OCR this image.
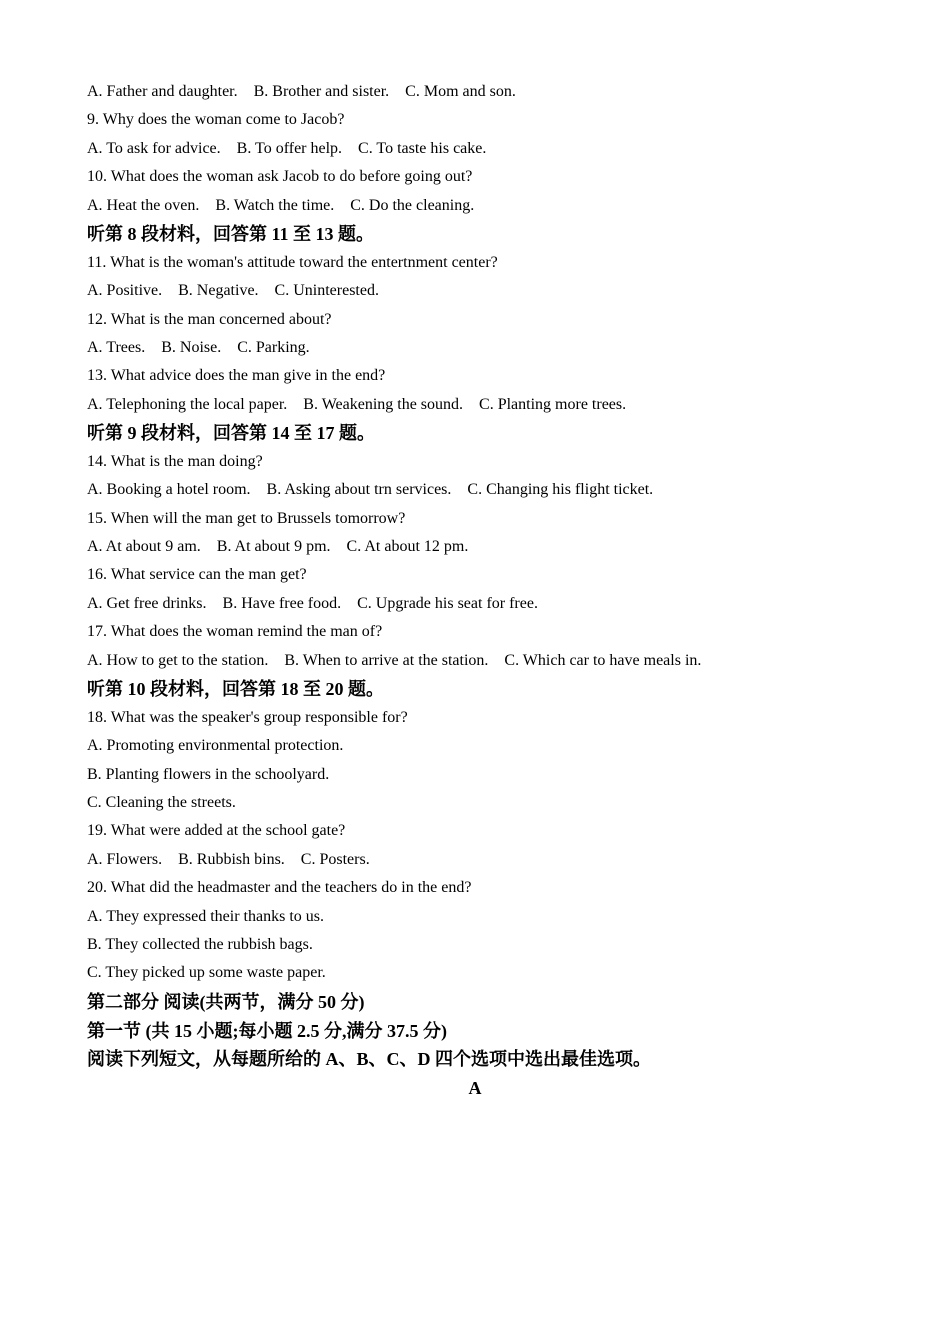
A. Father and daughter.    B. Brother and sister.    C. Mom and son.

9. Why does the woman come to Jacob?

A. To ask for advice.    B. To offer help.    C. To taste his cake.

10. What does the woman ask Jacob to do before going out?

A. Heat the oven.    B. Watch the time.    C. Do the cleaning.

听第 8 段材料，回答第 11 至 13 题。

11. What is the woman's attitude toward the entertnment center?

A. Positive.    B. Negative.    C. Uninterested.

12. What is the man concerned about?

A. Trees.    B. Noise.    C. Parking.

13. What advice does the man give in the end?

A. Telephoning the local paper.    B. Weakening the sound.    C. Planting more trees.

听第 9 段材料，回答第 14 至 17 题。

14. What is the man doing?

A. Booking a hotel room.    B. Asking about trn services.    C. Changing his flight ticket.

15. When will the man get to Brussels tomorrow?

A. At about 9 am.    B. At about 9 pm.    C. At about 12 pm.

16. What service can the man get?

A. Get free drinks.    B. Have free food.    C. Upgrade his seat for free.

17. What does the woman remind the man of?

A. How to get to the station.    B. When to arrive at the station.    C. Which car to have meals in.

听第 10 段材料，回答第 18 至 20 题。

18. What was the speaker's group responsible for?

A. Promoting environmental protection.

B. Planting flowers in the schoolyard.

C. Cleaning the streets.

19. What were added at the school gate?

A. Flowers.    B. Rubbish bins.    C. Posters.

20. What did the headmaster and the teachers do in the end?

A. They expressed their thanks to us.

B. They collected the rubbish bags.

C. They picked up some waste paper.

第二部分 阅读(共两节，满分 50 分)

第一节 (共 15 小题;每小题 2.5 分,满分 37.5 分)

阅读下列短文，从每题所给的 A、B、C、D 四个选项中选出最佳选项。

A
